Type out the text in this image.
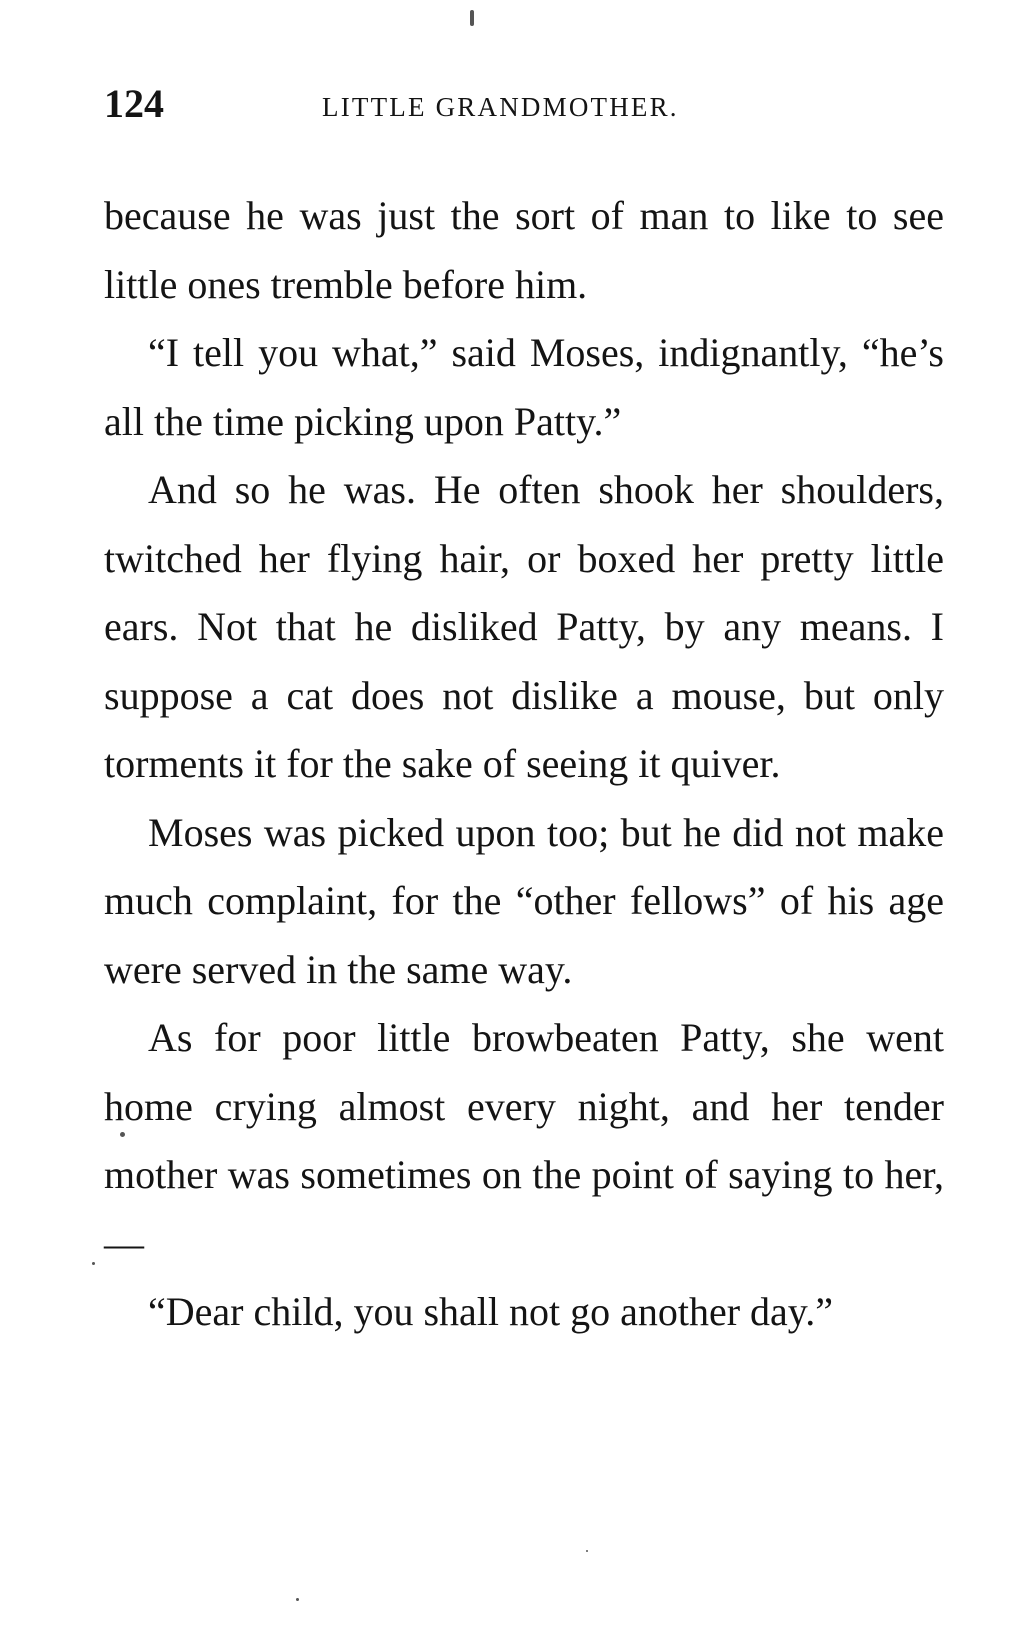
124	LITTLE GRANDMOTHER.

because he was just the sort of man to like to see little ones tremble before him.

“I tell you what,” said Moses, indignantly, “he’s all the time picking upon Patty.”

And so he was. He often shook her shoulders, twitched her flying hair, or boxed her pretty little ears. Not that he disliked Patty, by any means. I suppose a cat does not dislike a mouse, but only torments it for the sake of seeing it quiver.

Moses was picked upon too; but he did not make much complaint, for the “other fellows” of his age were served in the same way.

As for poor little browbeaten Patty, she went home crying almost every night, and her tender mother was sometimes on the point of saying to her,—

“Dear child, you shall not go another day.”
